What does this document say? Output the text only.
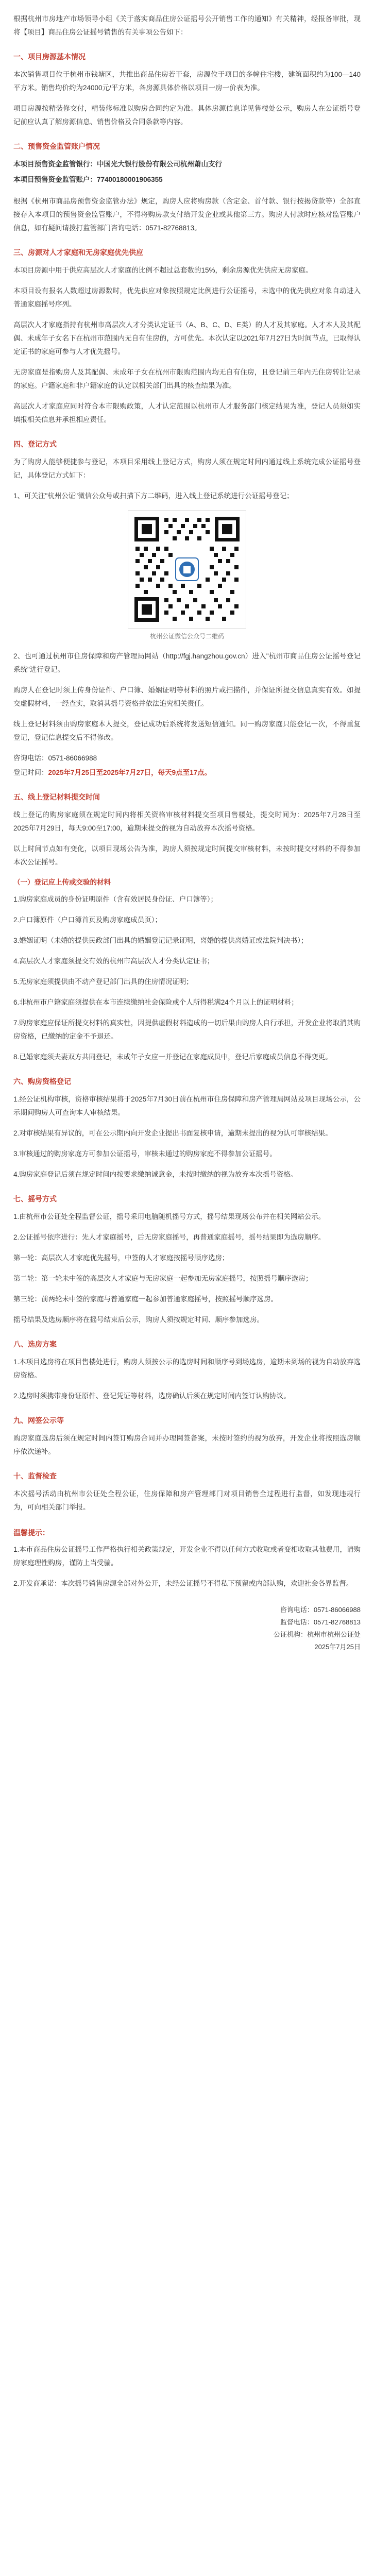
根据杭州市房地产市场领导小组《关于落实商品住房公证摇号公开销售工作的通知》有关精神，经报备审批，现将【项目】商品住房公证摇号销售的有关事项公告如下：

一、项目房源基本情况

本次销售项目位于杭州市钱塘区，共推出商品住房若干套，房源位于项目的多幢住宅楼，建筑面积约为100—140平方米。销售均价约为24000元/平方米，各房源具体价格以项目一房一价表为准。

项目房源按精装修交付，精装修标准以购房合同约定为准。具体房源信息详见售楼处公示，购房人在公证摇号登记前应认真了解房源信息、销售价格及合同条款等内容。

二、预售资金监管账户情况
本项目预售资金监管银行：中国光大银行股份有限公司杭州萧山支行
本项目预售资金监管账户：77400180001906355

根据《杭州市商品房预售资金监管办法》规定，购房人应将购房款（含定金、首付款、银行按揭贷款等）全部直接存入本项目的预售资金监管账户，不得将购房款支付给开发企业或其他第三方。购房人付款时应核对监管账户信息，如有疑问请拨打监管部门咨询电话：0571-82768813。

三、房源对人才家庭和无房家庭优先供应

本项目房源中用于供应高层次人才家庭的比例不超过总套数的15%，剩余房源优先供应无房家庭。

本项目设有报名人数超过房源数时，优先供应对象按照规定比例进行公证摇号，未选中的优先供应对象自动进入普通家庭摇号序列。

高层次人才家庭指持有杭州市高层次人才分类认定证书（A、B、C、D、E类）的人才及其家庭。人才本人及其配偶、未成年子女名下在杭州市范围内无自有住房的，方可优先。本次认定以2021年7月27日为时间节点，已取得认定证书的家庭可参与人才优先摇号。

无房家庭是指购房人及其配偶、未成年子女在杭州市限购范围内均无自有住房，且登记前三年内无住房转让记录的家庭。户籍家庭和非户籍家庭的认定以相关部门出具的核查结果为准。

高层次人才家庭应同时符合本市限购政策，人才认定范围以杭州市人才服务部门核定结果为准，登记人员须如实填报相关信息并承担相应责任。

四、登记方式

为了购房人能够便捷参与登记，本项目采用线上登记方式，购房人须在规定时间内通过线上系统完成公证摇号登记，具体登记方式如下：

1、可关注"杭州公证"微信公众号或扫描下方二维码，进入线上登记系统进行公证摇号登记；

杭州公证微信公众号二维码

2、也可通过杭州市住房保障和房产管理局网站（http://fgj.hangzhou.gov.cn）进入"杭州市商品住房公证摇号登记系统"进行登记。

购房人在登记时须上传身份证件、户口簿、婚姻证明等材料的照片或扫描件，并保证所提交信息真实有效。如提交虚假材料，一经查实，取消其摇号资格并依法追究相关责任。

线上登记材料须由购房家庭本人提交，登记成功后系统将发送短信通知。同一购房家庭只能登记一次，不得重复登记，登记信息提交后不得修改。

咨询电话：0571-86066988

登记时间：2025年7月25日至2025年7月27日，每天9点至17点。

五、线上登记材料提交时间

线上登记的购房家庭须在规定时间内将相关资格审核材料提交至项目售楼处，提交时间为：2025年7月28日至2025年7月29日，每天9:00至17:00，逾期未提交的视为自动放弃本次摇号资格。

以上时间节点如有变化，以项目现场公告为准，购房人须按规定时间提交审核材料，未按时提交材料的不得参加本次公证摇号。

（一）登记应上传或交验的材料

1.购房家庭成员的身份证明原件（含有效居民身份证、户口簿等）；

2.户口簿原件（户口簿首页及购房家庭成员页）；

3.婚姻证明（未婚的提供民政部门出具的婚姻登记记录证明，离婚的提供离婚证或法院判决书）；

4.高层次人才家庭须提交有效的杭州市高层次人才分类认定证书；

5.无房家庭须提供由不动产登记部门出具的住房情况证明；

6.非杭州市户籍家庭须提供在本市连续缴纳社会保险或个人所得税满24个月以上的证明材料；

7.购房家庭应保证所提交材料的真实性，因提供虚假材料造成的一切后果由购房人自行承担，开发企业将取消其购房资格，已缴纳的定金不予退还。

8.已婚家庭须夫妻双方共同登记，未成年子女应一并登记在家庭成员中，登记后家庭成员信息不得变更。

六、购房资格登记

1.经公证机构审核，资格审核结果将于2025年7月30日前在杭州市住房保障和房产管理局网站及项目现场公示，公示期间购房人可查询本人审核结果。

2.对审核结果有异议的，可在公示期内向开发企业提出书面复核申请，逾期未提出的视为认可审核结果。

3.审核通过的购房家庭方可参加公证摇号，审核未通过的购房家庭不得参加公证摇号。

4.购房家庭登记后须在规定时间内按要求缴纳诚意金，未按时缴纳的视为放弃本次摇号资格。

七、摇号方式

1.由杭州市公证处全程监督公证，摇号采用电脑随机摇号方式，摇号结果现场公布并在相关网站公示。

2.公证摇号依序进行：先人才家庭摇号，后无房家庭摇号，再普通家庭摇号，摇号结果即为选房顺序。

第一轮：高层次人才家庭优先摇号，中签的人才家庭按摇号顺序选房；

第二轮：第一轮未中签的高层次人才家庭与无房家庭一起参加无房家庭摇号，按照摇号顺序选房；

第三轮：前两轮未中签的家庭与普通家庭一起参加普通家庭摇号，按照摇号顺序选房。

摇号结果及选房顺序将在摇号结束后公示，购房人须按规定时间、顺序参加选房。

八、选房方案

1.本项目选房将在项目售楼处进行，购房人须按公示的选房时间和顺序号到场选房，逾期未到场的视为自动放弃选房资格。

2.选房时须携带身份证原件、登记凭证等材料，选房确认后须在规定时间内签订认购协议。

九、网签公示等

购房家庭选房后须在规定时间内签订购房合同并办理网签备案，未按时签约的视为放弃，开发企业将按照选房顺序依次递补。

十、监督检查

本次摇号活动由杭州市公证处全程公证，住房保障和房产管理部门对项目销售全过程进行监督，如发现违规行为，可向相关部门举报。

温馨提示：

1.本市商品住房公证摇号工作严格执行相关政策规定，开发企业不得以任何方式收取或者变相收取其他费用，请购房家庭理性购房，谨防上当受骗。

2.开发商承诺：本次摇号销售房源全部对外公开，未经公证摇号不得私下预留或内部认购，欢迎社会各界监督。

咨询电话：0571-86066988

监督电话：0571-82768813

公证机构：杭州市杭州公证处

2025年7月25日
